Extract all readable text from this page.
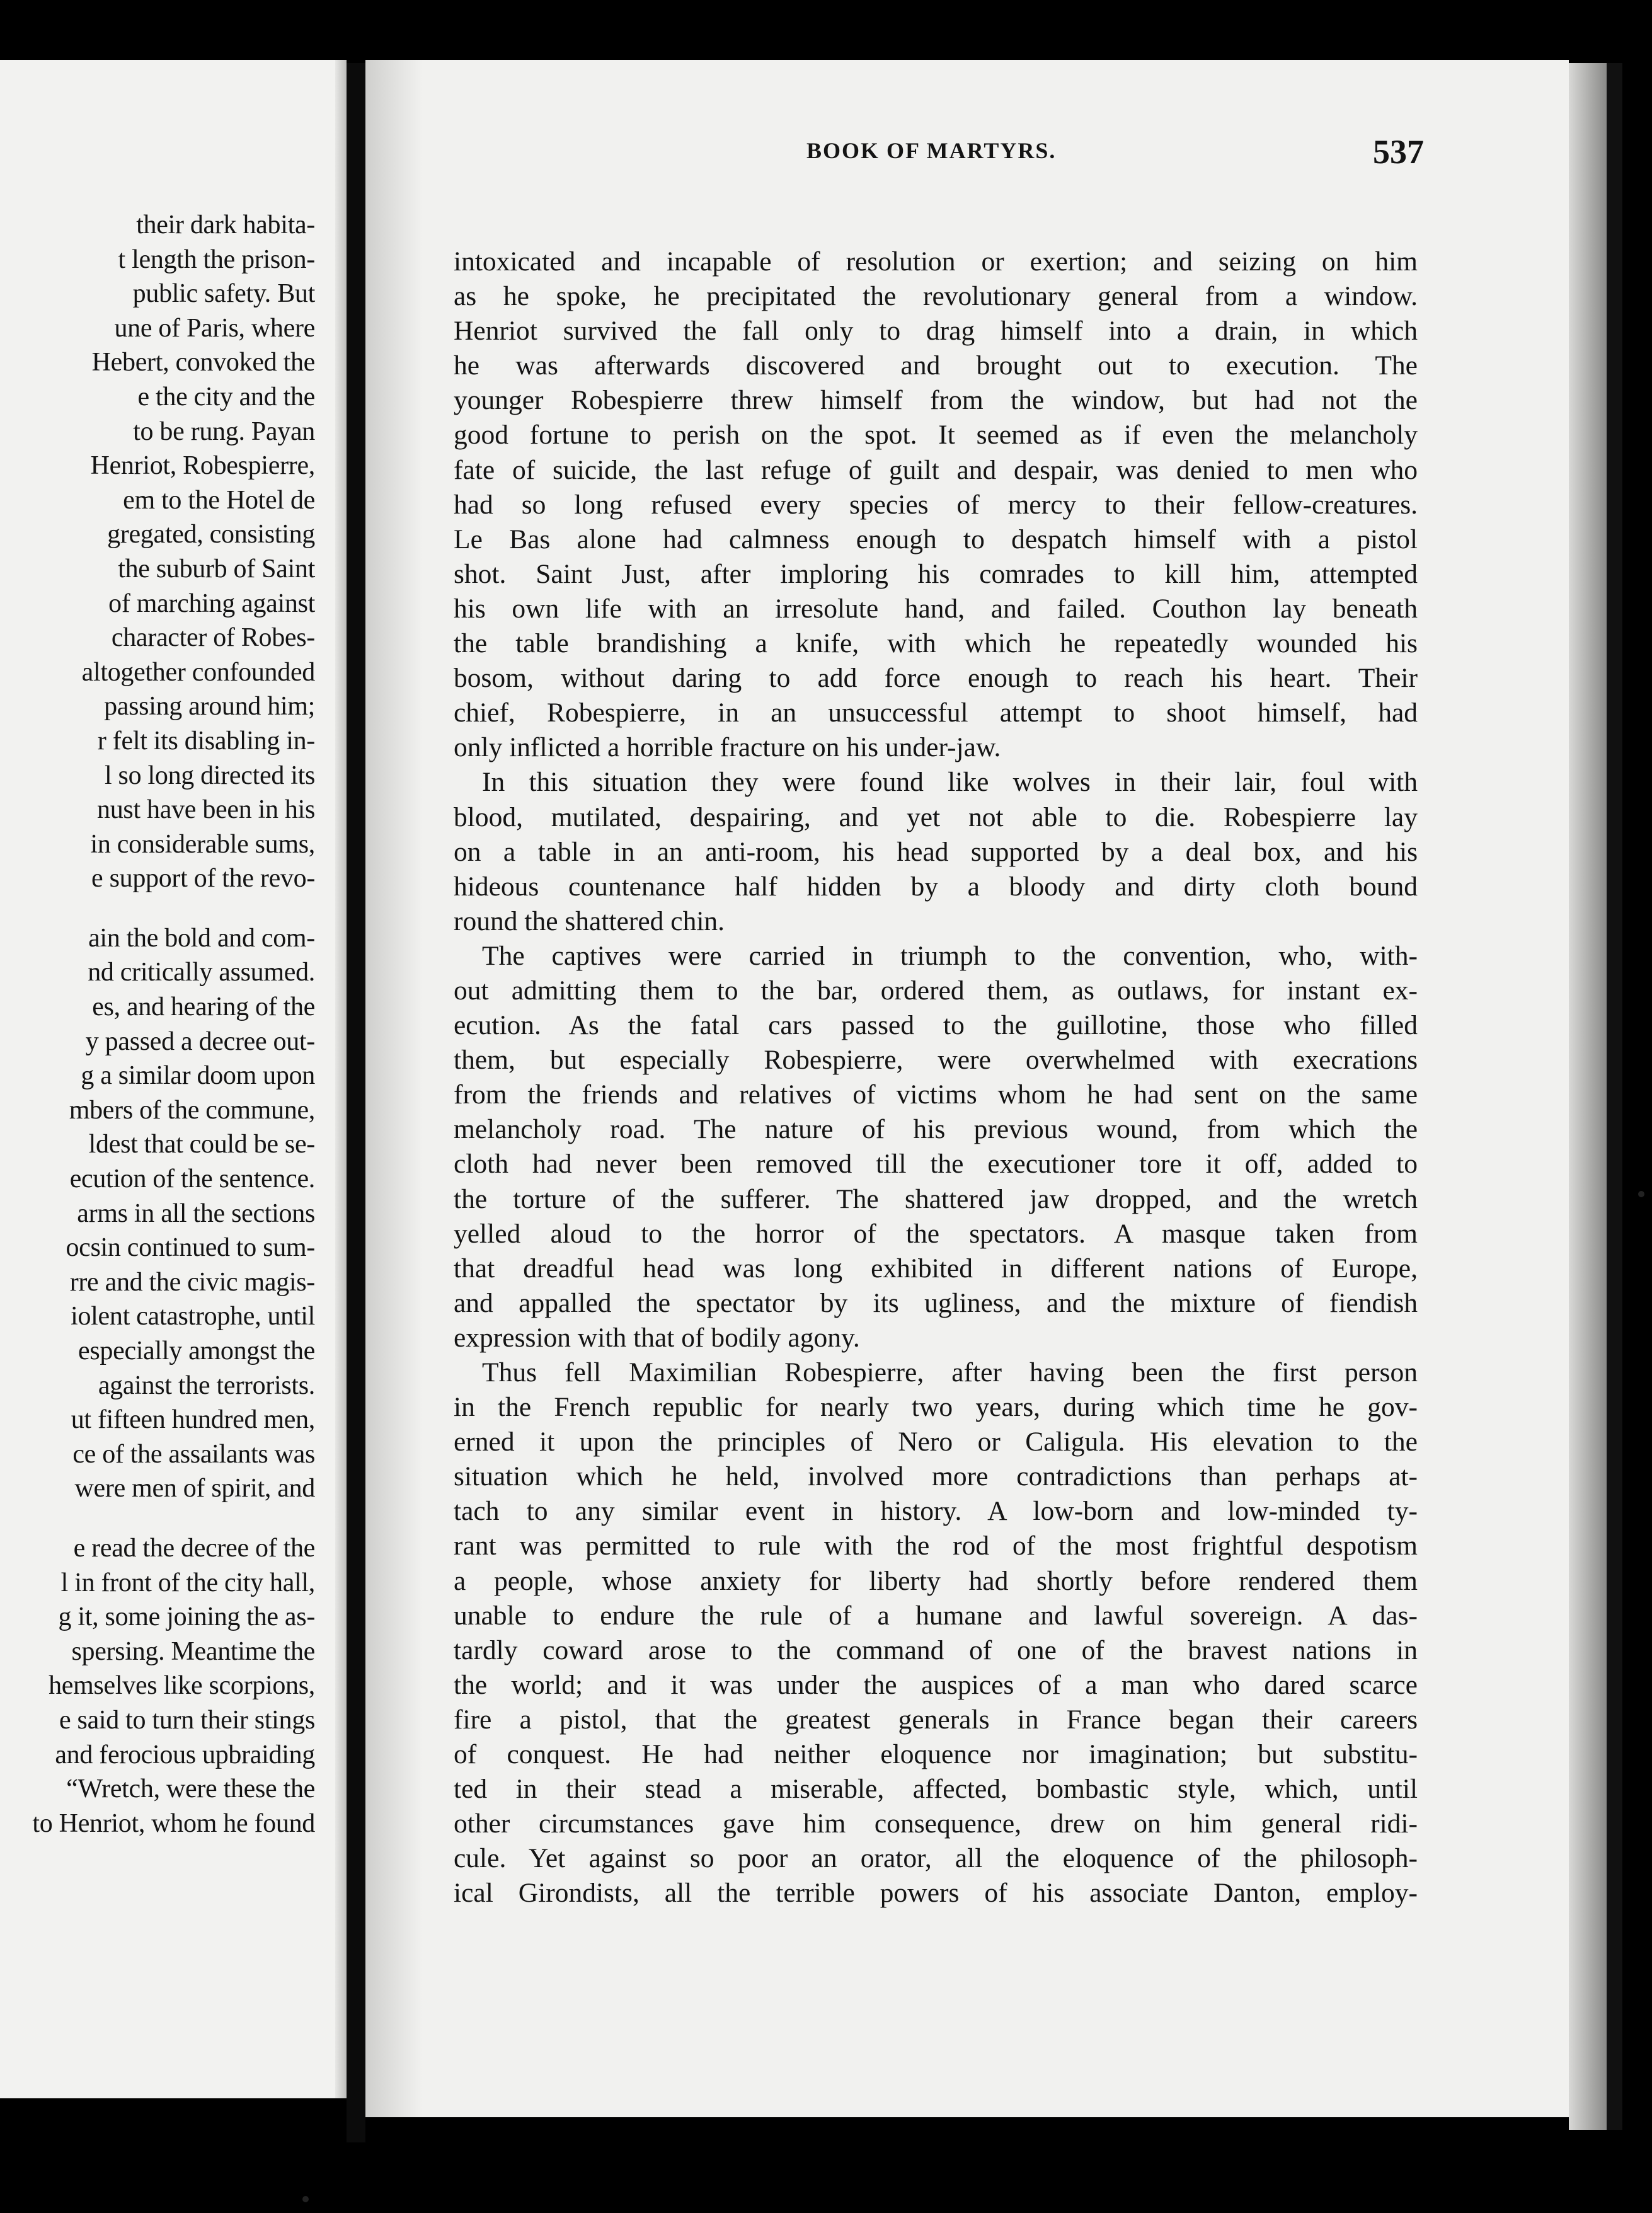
their dark habita-
t length the prison-
public safety. But
une of Paris, where
Hebert, convoked the
e the city and the
to be rung. Payan
Henriot, Robespierre,
em to the Hotel de
gregated, consisting
the suburb of Saint
of marching against
character of Robes-
altogether confounded
passing around him;
r felt its disabling in-
l so long directed its
nust have been in his
in considerable sums,
e support of the revo-
ain the bold and com-
nd critically assumed.
es, and hearing of the
y passed a decree out-
g a similar doom upon
mbers of the commune,
ldest that could be se-
ecution of the sentence.
arms in all the sections
ocsin continued to sum-
rre and the civic magis-
iolent catastrophe, until
especially amongst the
against the terrorists.
ut fifteen hundred men,
ce of the assailants was
were men of spirit, and
e read the decree of the
l in front of the city hall,
g it, some joining the as-
spersing. Meantime the
hemselves like scorpions,
e said to turn their stings
and ferocious upbraiding
“Wretch, were these the
to Henriot, whom he found
BOOK OF MARTYRS.	537
intoxicated and incapable of resolution or exertion; and seizing on him
as he spoke, he precipitated the revolutionary general from a window.
Henriot survived the fall only to drag himself into a drain, in which
he was afterwards discovered and brought out to execution. The
younger Robespierre threw himself from the window, but had not the
good fortune to perish on the spot. It seemed as if even the melancholy
fate of suicide, the last refuge of guilt and despair, was denied to men who
had so long refused every species of mercy to their fellow-creatures.
Le Bas alone had calmness enough to despatch himself with a pistol
shot. Saint Just, after imploring his comrades to kill him, attempted
his own life with an irresolute hand, and failed. Couthon lay beneath
the table brandishing a knife, with which he repeatedly wounded his
bosom, without daring to add force enough to reach his heart. Their
chief, Robespierre, in an unsuccessful attempt to shoot himself, had
only inflicted a horrible fracture on his under-jaw.
In this situation they were found like wolves in their lair, foul with
blood, mutilated, despairing, and yet not able to die. Robespierre lay
on a table in an anti-room, his head supported by a deal box, and his
hideous countenance half hidden by a bloody and dirty cloth bound
round the shattered chin.
The captives were carried in triumph to the convention, who, with-
out admitting them to the bar, ordered them, as outlaws, for instant ex-
ecution. As the fatal cars passed to the guillotine, those who filled
them, but especially Robespierre, were overwhelmed with execrations
from the friends and relatives of victims whom he had sent on the same
melancholy road. The nature of his previous wound, from which the
cloth had never been removed till the executioner tore it off, added to
the torture of the sufferer. The shattered jaw dropped, and the wretch
yelled aloud to the horror of the spectators. A masque taken from
that dreadful head was long exhibited in different nations of Europe,
and appalled the spectator by its ugliness, and the mixture of fiendish
expression with that of bodily agony.
Thus fell Maximilian Robespierre, after having been the first person
in the French republic for nearly two years, during which time he gov-
erned it upon the principles of Nero or Caligula. His elevation to the
situation which he held, involved more contradictions than perhaps at-
tach to any similar event in history. A low-born and low-minded ty-
rant was permitted to rule with the rod of the most frightful despotism
a people, whose anxiety for liberty had shortly before rendered them
unable to endure the rule of a humane and lawful sovereign. A das-
tardly coward arose to the command of one of the bravest nations in
the world; and it was under the auspices of a man who dared scarce
fire a pistol, that the greatest generals in France began their careers
of conquest. He had neither eloquence nor imagination; but substitu-
ted in their stead a miserable, affected, bombastic style, which, until
other circumstances gave him consequence, drew on him general ridi-
cule. Yet against so poor an orator, all the eloquence of the philosoph-
ical Girondists, all the terrible powers of his associate Danton, employ-
